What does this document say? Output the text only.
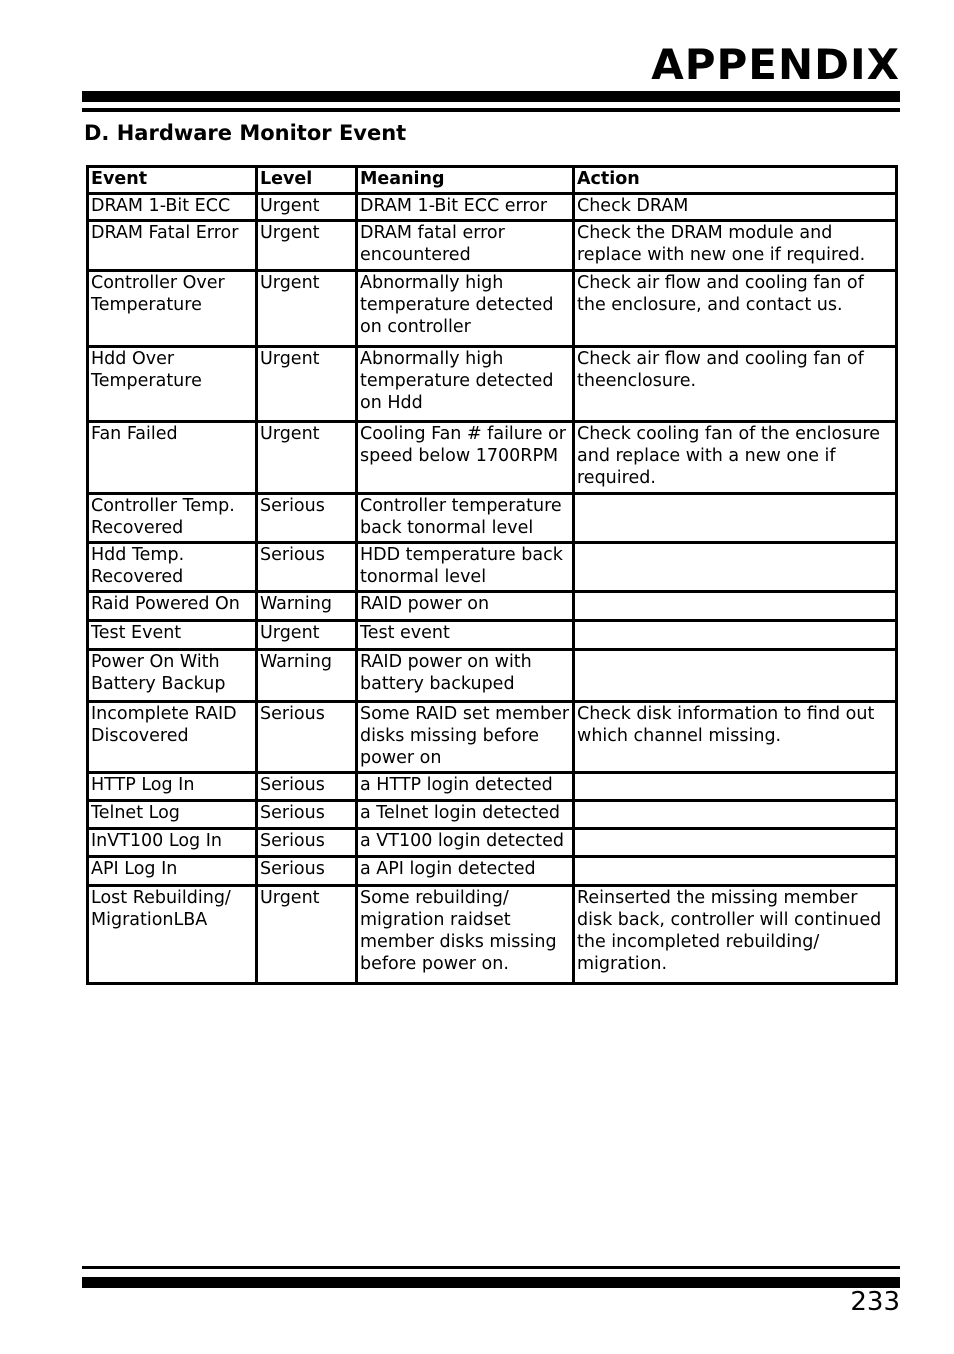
APPENDIX
D. Hardware Monitor Event
Event	Level	Meaning	Action
DRAM 1-Bit ECC	Urgent	DRAM 1-Bit ECC error	Check DRAM
DRAM Fatal Error	Urgent	DRAM fatal error encountered	Check the DRAM module and replace with new one if required.
Controller Over Temperature	Urgent	Abnormally high temperature detected on controller	Check air flow and cooling fan of the enclosure, and contact us.
Hdd Over Temperature	Urgent	Abnormally high temperature detected on Hdd	Check air flow and cooling fan of theenclosure.
Fan Failed	Urgent	Cooling Fan # failure or speed below 1700RPM	Check cooling fan of the enclosure and replace with a new one if required.
Controller Temp. Recovered	Serious	Controller temperature back tonormal level	
Hdd Temp. Recovered	Serious	HDD temperature back tonormal level	
Raid Powered On	Warning	RAID power on	
Test Event	Urgent	Test event	
Power On With Battery Backup	Warning	RAID power on with battery backuped	
Incomplete RAID Discovered	Serious	Some RAID set member disks missing before power on	Check disk information to find out which channel missing.
HTTP Log In	Serious	a HTTP login detected	
Telnet Log	Serious	a Telnet login detected	
InVT100 Log In	Serious	a VT100 login detected	
API Log In	Serious	a API login detected	
Lost Rebuilding/ MigrationLBA	Urgent	Some rebuilding/ migration raidset member disks missing before power on.	Reinserted the missing member disk back, controller will continued the incompleted rebuilding/ migration.
233
